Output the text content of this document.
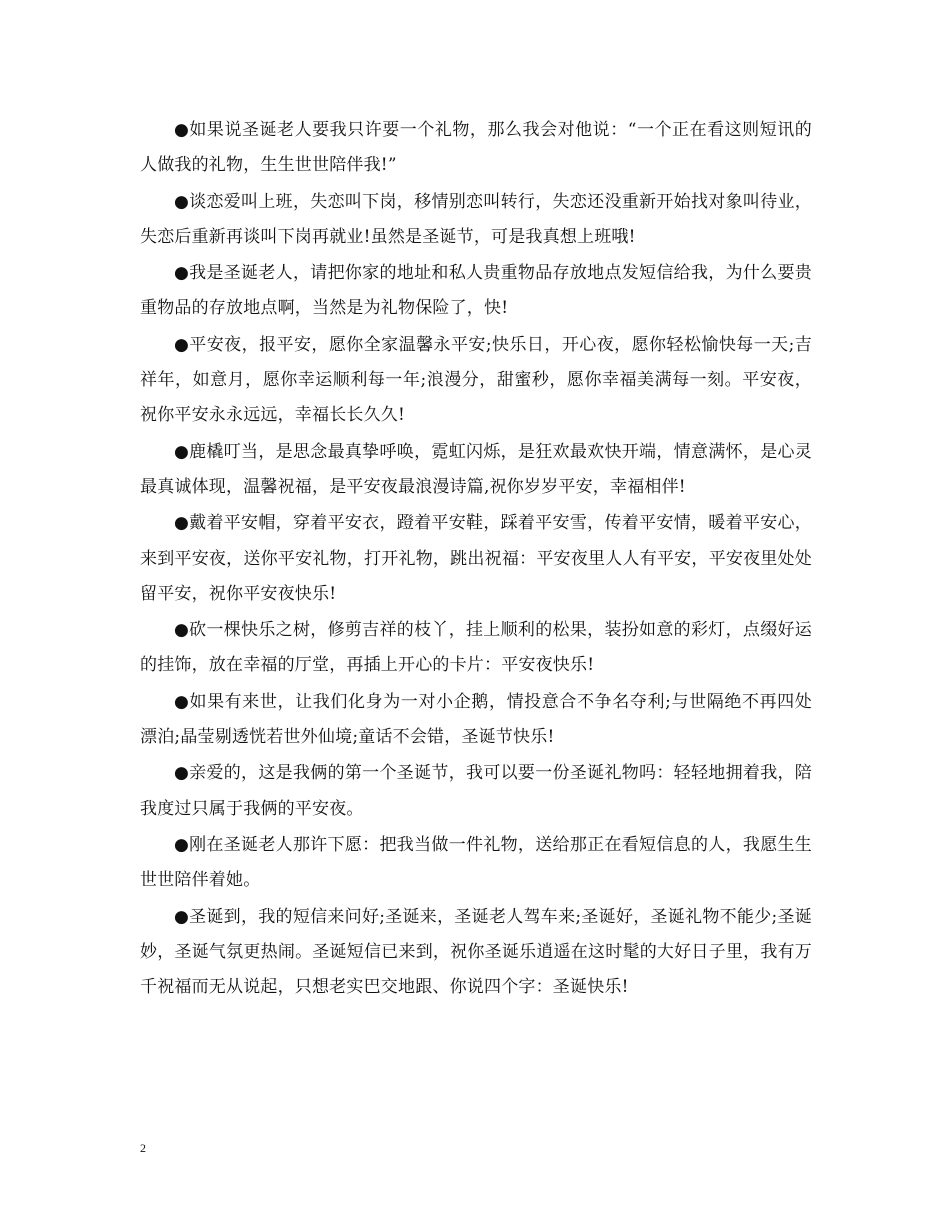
●如果说圣诞老人要我只许要一个礼物，那么我会对他说：“一个正在看这则短讯的人做我的礼物，生生世世陪伴我!”

●谈恋爱叫上班，失恋叫下岗，移情别恋叫转行，失恋还没重新开始找对象叫待业，失恋后重新再谈叫下岗再就业!虽然是圣诞节，可是我真想上班哦!

●我是圣诞老人，请把你家的地址和私人贵重物品存放地点发短信给我，为什么要贵重物品的存放地点啊，当然是为礼物保险了，快!

●平安夜，报平安，愿你全家温馨永平安;快乐日，开心夜，愿你轻松愉快每一天;吉祥年，如意月，愿你幸运顺利每一年;浪漫分，甜蜜秒，愿你幸福美满每一刻。平安夜，祝你平安永永远远，幸福长长久久!

●鹿橇叮当，是思念最真挚呼唤，霓虹闪烁，是狂欢最欢快开端，情意满怀，是心灵最真诚体现，温馨祝福，是平安夜最浪漫诗篇,祝你岁岁平安，幸福相伴!

●戴着平安帽，穿着平安衣，蹬着平安鞋，踩着平安雪，传着平安情，暖着平安心，来到平安夜，送你平安礼物，打开礼物，跳出祝福：平安夜里人人有平安，平安夜里处处留平安，祝你平安夜快乐!

●砍一棵快乐之树，修剪吉祥的枝丫，挂上顺利的松果，装扮如意的彩灯，点缀好运的挂饰，放在幸福的厅堂，再插上开心的卡片：平安夜快乐!

●如果有来世，让我们化身为一对小企鹅，情投意合不争名夺利;与世隔绝不再四处漂泊;晶莹剔透恍若世外仙境;童话不会错，圣诞节快乐!

●亲爱的，这是我俩的第一个圣诞节，我可以要一份圣诞礼物吗：轻轻地拥着我，陪我度过只属于我俩的平安夜。

●刚在圣诞老人那许下愿：把我当做一件礼物，送给那正在看短信息的人，我愿生生世世陪伴着她。

●圣诞到，我的短信来问好;圣诞来，圣诞老人驾车来;圣诞好，圣诞礼物不能少;圣诞妙，圣诞气氛更热闹。圣诞短信已来到，祝你圣诞乐逍遥在这时髦的大好日子里，我有万千祝福而无从说起，只想老实巴交地跟、你说四个字：圣诞快乐!

2
